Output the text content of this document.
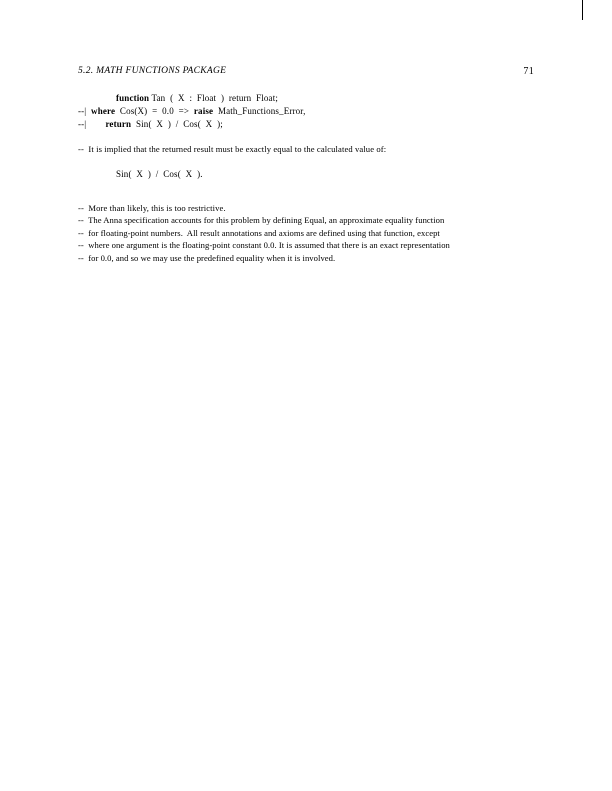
71
5.2. MATH FUNCTIONS PACKAGE
function Tan  (  X  :  Float  )  return  Float;
--|  where  Cos(X)  =  0.0  =>  raise  Math_Functions_Error,
--|        return  Sin(  X  )  /  Cos(  X  );
--  It is implied that the returned result must be exactly equal to the calculated value of:
Sin(  X  )  /  Cos(  X  ).
--  More than likely, this is too restrictive.
--  The Anna specification accounts for this problem by defining Equal, an approximate equality function
--  for floating-point numbers.  All result annotations and axioms are defined using that function, except
--  where one argument is the floating-point constant 0.0. It is assumed that there is an exact representation
--  for 0.0, and so we may use the predefined equality when it is involved.
